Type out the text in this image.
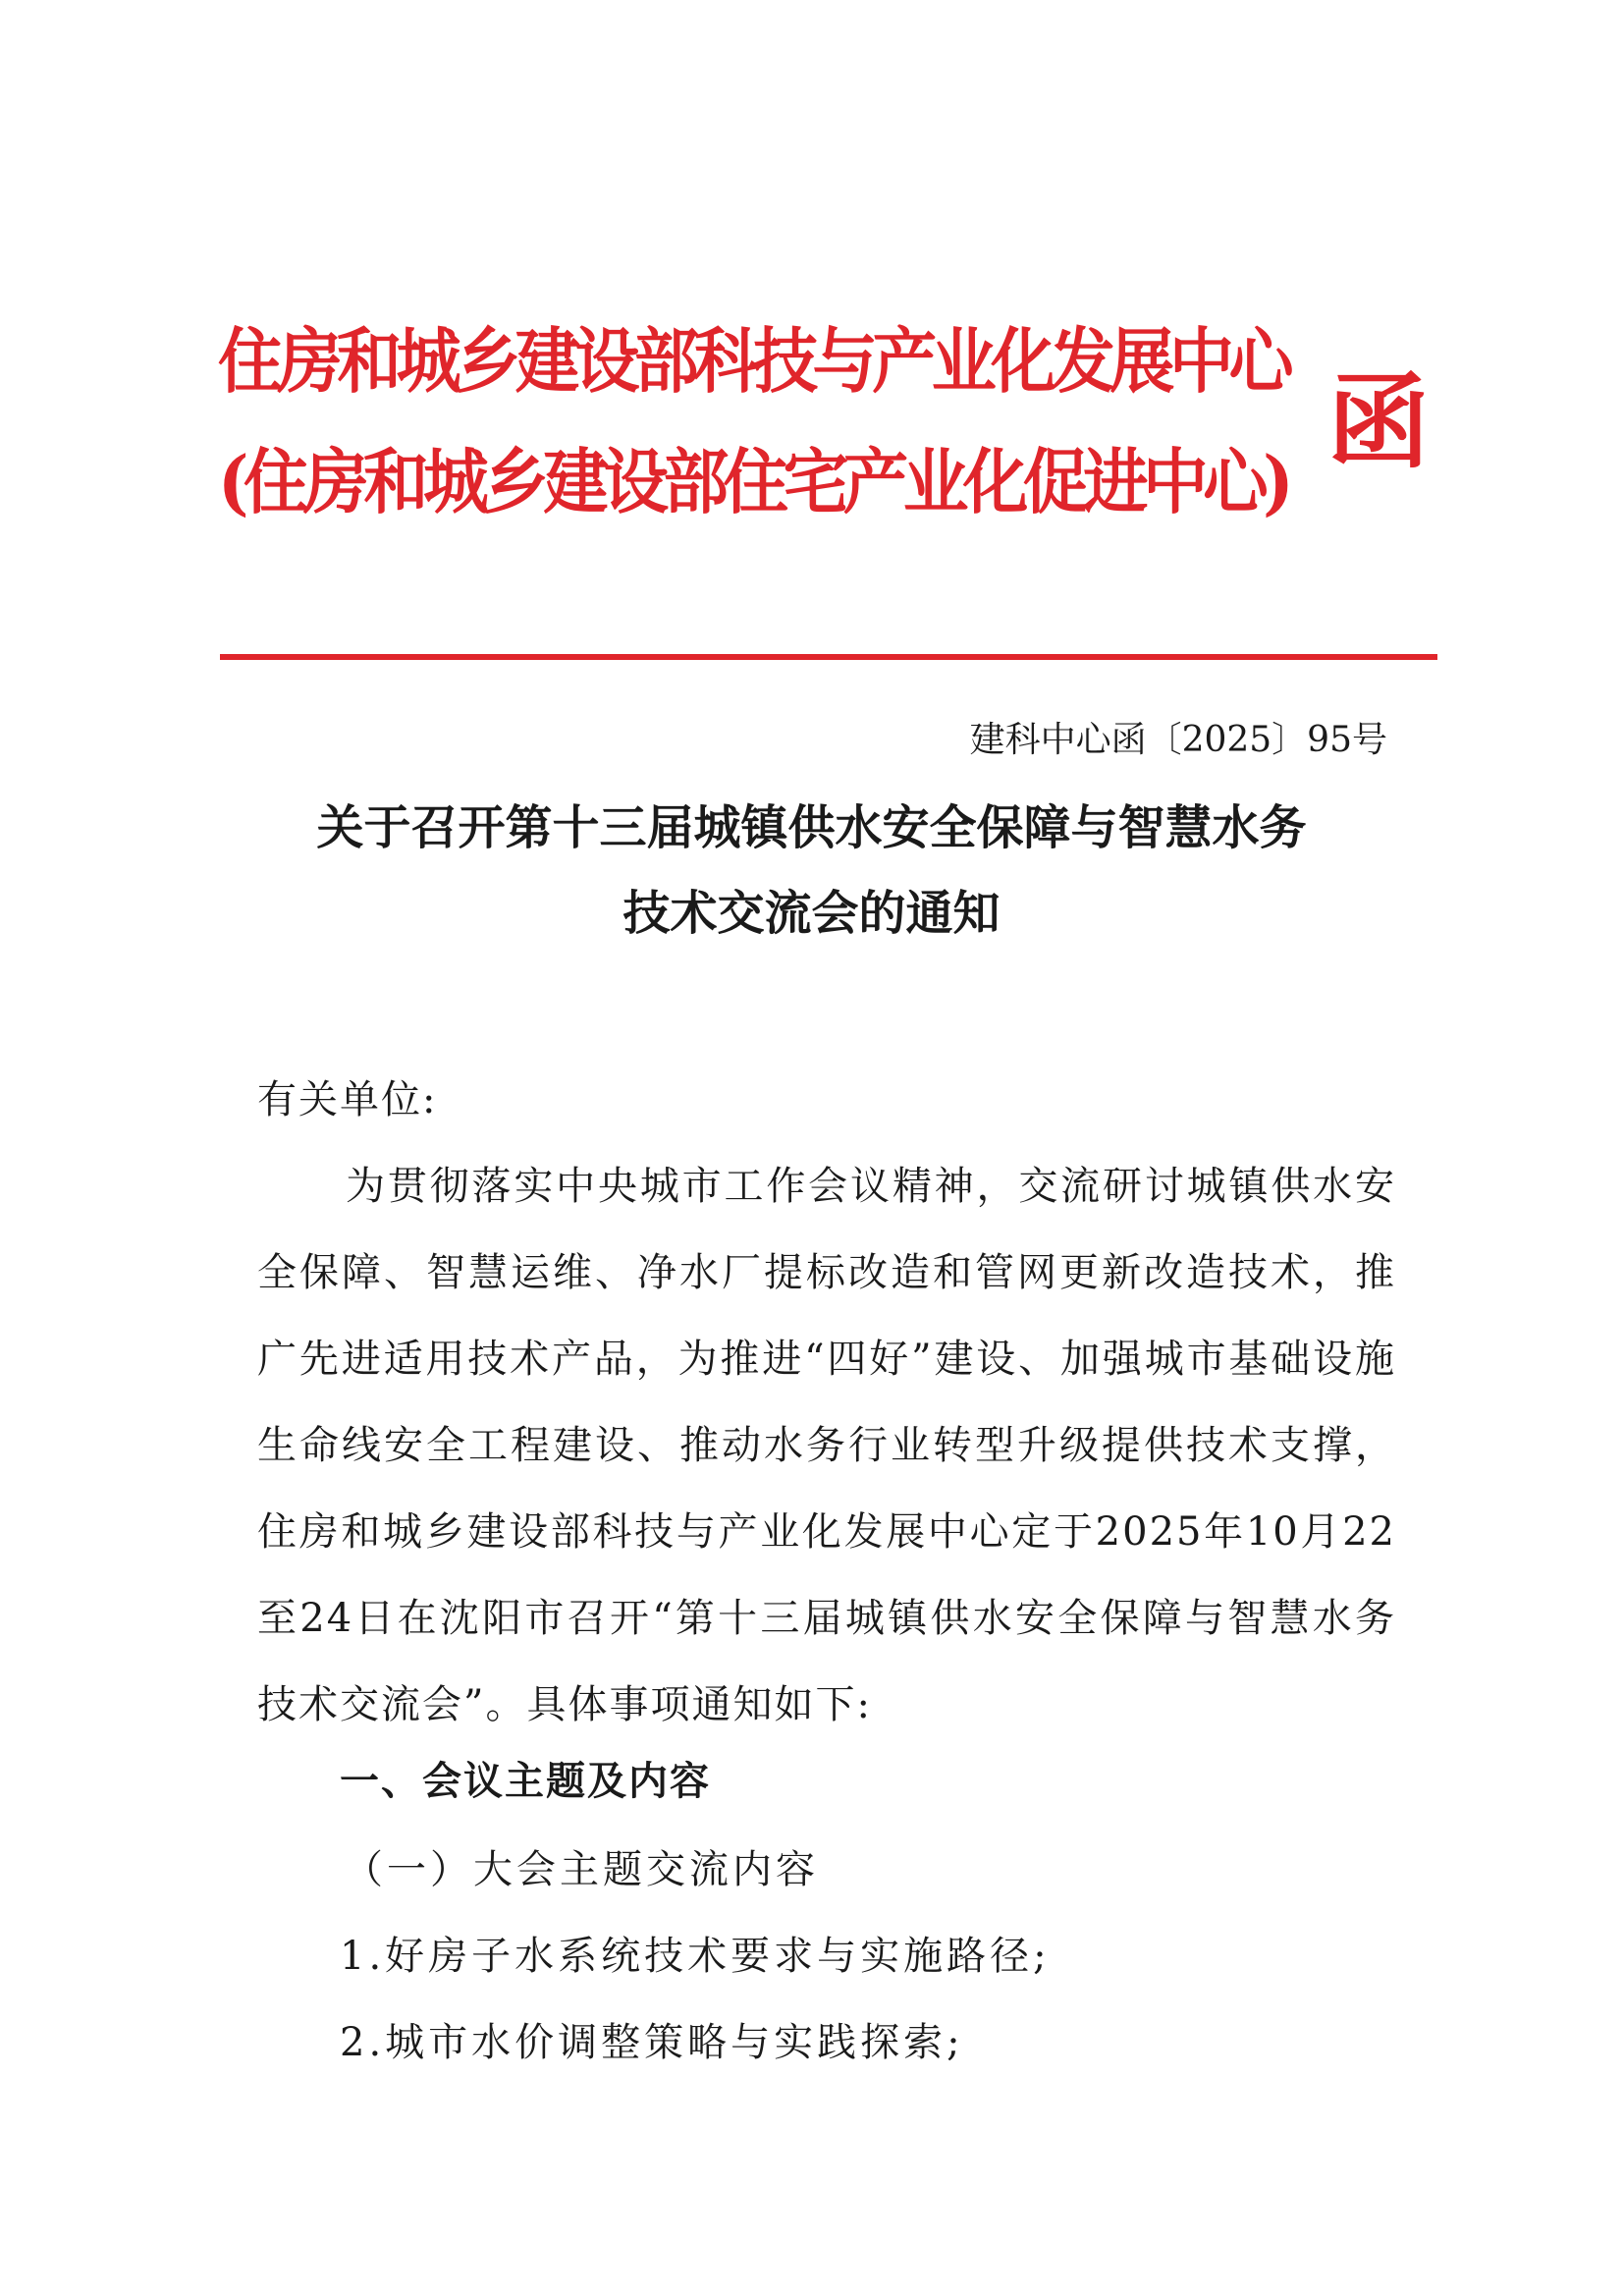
住房和城乡建设部科技与产业化发展中心
(住房和城乡建设部住宅产业化促进中心) 函
建科中心函〔2025〕95号
关于召开第十三届城镇供水安全保障与智慧水务
技术交流会的通知
有关单位:
为贯彻落实中央城市工作会议精神，交流研讨城镇供水安全保障、智慧运维、净水厂提标改造和管网更新改造技术，推广先进适用技术产品，为推进“四好”建设、加强城市基础设施生命线安全工程建设、推动水务行业转型升级提供技术支撑，住房和城乡建设部科技与产业化发展中心定于2025年10月22至24日在沈阳市召开“第十三届城镇供水安全保障与智慧水务技术交流会”。具体事项通知如下:
一、会议主题及内容
（一）大会主题交流内容
1.好房子水系统技术要求与实施路径;
2.城市水价调整策略与实践探索;
